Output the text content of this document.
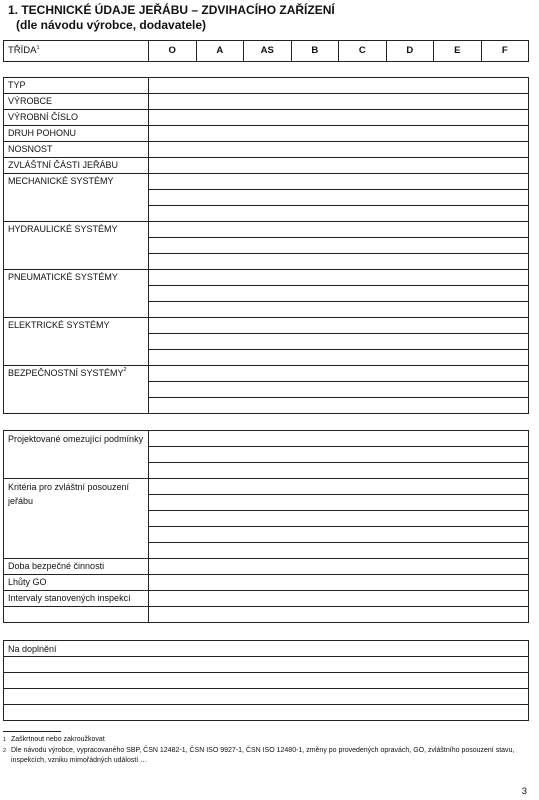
1. TECHNICKÉ ÚDAJE JEŘÁBU – ZDVIHACÍHO ZAŘÍZENÍ
(dle návodu výrobce, dodavatele)
TŘÍDA$^1$	O	A	AS	B	C	D	E	F
TYP	
VÝROBCE	
VÝROBNÍ ČÍSLO	
DRUH POHONU	
NOSNOST	
ZVLÁŠTNÍ ČÁSTI JEŘÁBU	
MECHANICKÉ SYSTÉMY	

HYDRAULICKÉ SYSTÉMY	

PNEUMATICKÉ SYSTÉMY	

ELEKTRICKÉ SYSTÉMY	

BEZPEČNOSTNÍ SYSTÉMY$^2$	

Projektované omezující podmínky	

Kritéria pro zvláštní posouzení jeřábu	

Doba bezpečné činnosti	
Lhůty GO	
Intervaly stanovených inspekcí	

Na doplnění

1 Zaškrtnout nebo zakroužkovat
2 Dle návodu výrobce, vypracovaného SBP, ČSN 12482-1, ČSN ISO 9927-1, ČSN ISO 12480-1, změny po provedených opravách, GO, zvláštního posouzení stavu, inspekcích, vzniku mimořádných událostí …
3
